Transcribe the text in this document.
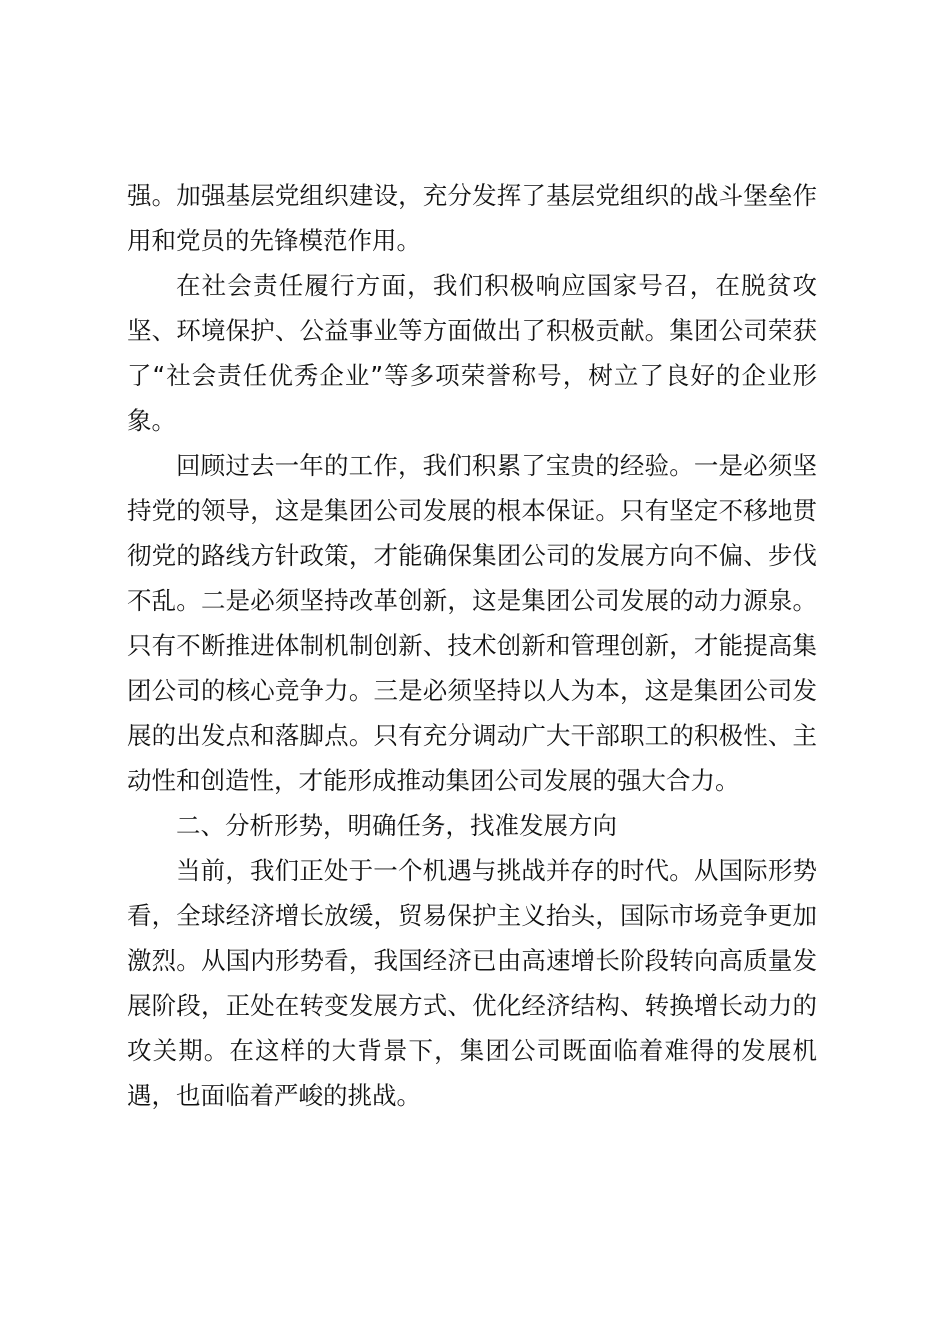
强。加强基层党组织建设，充分发挥了基层党组织的战斗堡垒作用和党员的先锋模范作用。

在社会责任履行方面，我们积极响应国家号召，在脱贫攻坚、环境保护、公益事业等方面做出了积极贡献。集团公司荣获了“社会责任优秀企业”等多项荣誉称号，树立了良好的企业形象。

回顾过去一年的工作，我们积累了宝贵的经验。一是必须坚持党的领导，这是集团公司发展的根本保证。只有坚定不移地贯彻党的路线方针政策，才能确保集团公司的发展方向不偏、步伐不乱。二是必须坚持改革创新，这是集团公司发展的动力源泉。只有不断推进体制机制创新、技术创新和管理创新，才能提高集团公司的核心竞争力。三是必须坚持以人为本，这是集团公司发展的出发点和落脚点。只有充分调动广大干部职工的积极性、主动性和创造性，才能形成推动集团公司发展的强大合力。

二、分析形势，明确任务，找准发展方向

当前，我们正处于一个机遇与挑战并存的时代。从国际形势看，全球经济增长放缓，贸易保护主义抬头，国际市场竞争更加激烈。从国内形势看，我国经济已由高速增长阶段转向高质量发展阶段，正处在转变发展方式、优化经济结构、转换增长动力的攻关期。在这样的大背景下，集团公司既面临着难得的发展机遇，也面临着严峻的挑战。
